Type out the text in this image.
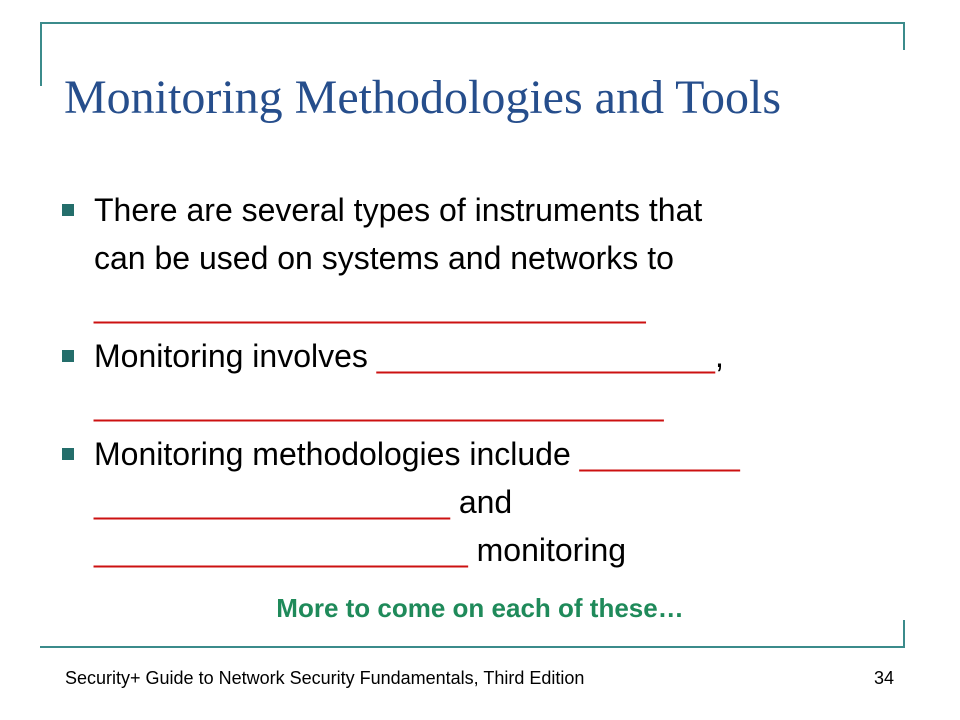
Monitoring Methodologies and Tools
There are several types of instruments that
can be used on systems and networks to
_______________________________
Monitoring involves ___________________,
________________________________
Monitoring methodologies include _________
____________________ and
_____________________ monitoring
More to come on each of these…
Security+ Guide to Network Security Fundamentals, Third Edition	34
